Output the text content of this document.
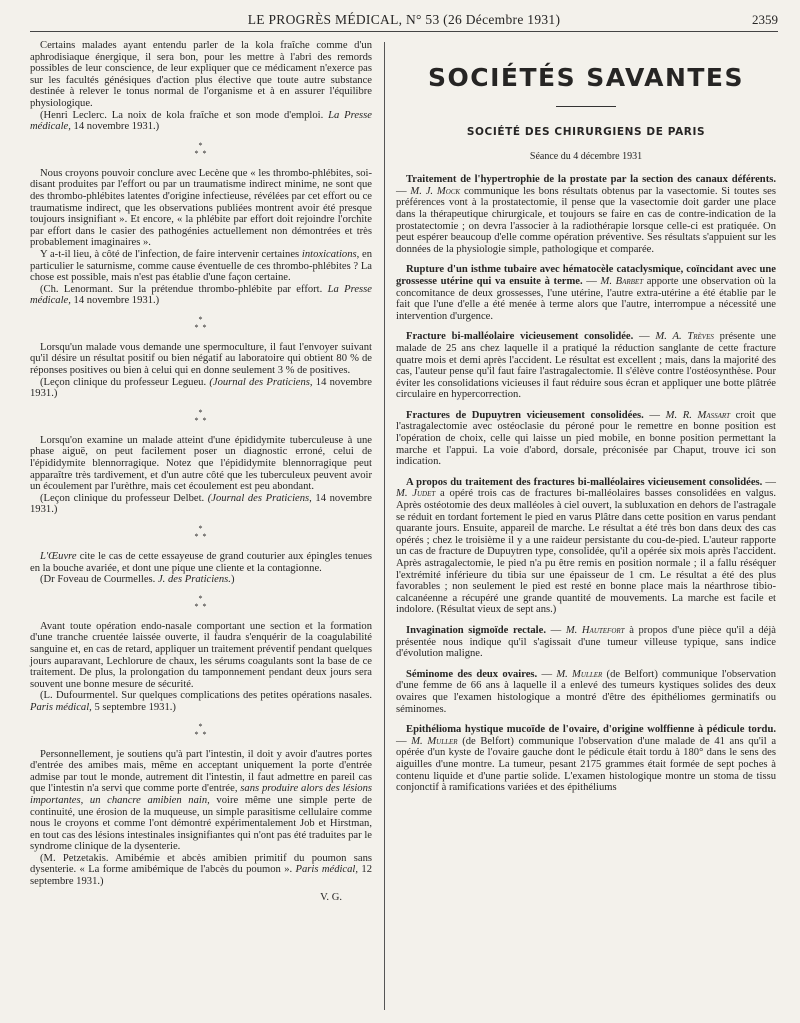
LE PROGRÈS MÉDICAL, N° 53 (26 Décembre 1931)	2359

Certains malades ayant entendu parler de la kola fraîche comme d'un aphrodisiaque énergique, il sera bon, pour les mettre à l'abri des remords possibles de leur conscience, de leur expliquer que ce médicament n'exerce pas sur les facultés génésiques d'action plus élective que toute autre substance destinée à relever le tonus normal de l'organisme et à en assurer l'équilibre physiologique.

(Henri Leclerc. La noix de kola fraîche et son mode d'emploi. La Presse médicale, 14 novembre 1931.)

*
* *

Nous croyons pouvoir conclure avec Lecène que « les thrombo-phlébites, soi-disant produites par l'effort ou par un traumatisme indirect minime, ne sont que des thrombo-phlébites latentes d'origine infectieuse, révélées par cet effort ou ce traumatisme indirect, que les observations publiées montrent avoir été presque toujours insignifiant ». Et encore, « la phlébite par effort doit rejoindre l'orchite par effort dans le casier des pathogénies actuellement non démontrées et très probablement imaginaires ».

Y a-t-il lieu, à côté de l'infection, de faire intervenir certaines intoxications, en particulier le saturnisme, comme cause éventuelle de ces thrombo-phlébites ? La chose est possible, mais n'est pas établie d'une façon certaine.

(Ch. Lenormant. Sur la prétendue thrombo-phlébite par effort. La Presse médicale, 14 novembre 1931.)

*
* *

Lorsqu'un malade vous demande une spermoculture, il faut l'envoyer suivant qu'il désire un résultat positif ou bien négatif au laboratoire qui obtient 80 % de réponses positives ou bien à celui qui en donne seulement 3 % de positives.

(Leçon clinique du professeur Legueu. (Journal des Praticiens, 14 novembre 1931.)

*
* *

Lorsqu'on examine un malade atteint d'une épididymite tuberculeuse à une phase aiguë, on peut facilement poser un diagnostic erroné, celui de l'épididymite blennorragique. Notez que l'épididymite blennorragique peut apparaître très tardivement, et d'un autre côté que les tuberculeux peuvent avoir un écoulement par l'urèthre, mais cet écoulement est peu abondant.

(Leçon clinique du professeur Delbet. (Journal des Praticiens, 14 novembre 1931.)

*
* *

L'Œuvre cite le cas de cette essayeuse de grand couturier aux épingles tenues en la bouche avariée, et dont une pique une cliente et la contagionne.

(Dr Foveau de Courmelles. J. des Praticiens.)

*
* *

Avant toute opération endo-nasale comportant une section et la formation d'une tranche cruentée laissée ouverte, il faudra s'enquérir de la coagulabilité sanguine et, en cas de retard, appliquer un traitement préventif pendant quelques jours auparavant, Lechlorure de chaux, les sérums coagulants sont la base de ce traitement. De plus, la prolongation du tamponnement pendant deux jours sera souvent une bonne mesure de sécurité.

(L. Dufourmentel. Sur quelques complications des petites opérations nasales. Paris médical, 5 septembre 1931.)

*
* *

Personnellement, je soutiens qu'à part l'intestin, il doit y avoir d'autres portes d'entrée des amibes mais, même en acceptant uniquement la porte d'entrée admise par tout le monde, autrement dit l'intestin, il faut admettre en pareil cas que l'intestin n'a servi que comme porte d'entrée, sans produire alors des lésions importantes, un chancre amibien nain, voire même une simple perte de continuité, une érosion de la muqueuse, un simple parasitisme cellulaire comme nous le croyons et comme l'ont démontré expérimentalement Job et Hirstman, en tout cas des lésions intestinales insignifiantes qui n'ont pas été traduites par le syndrome clinique de la dysenterie.

(M. Petzetakis. Amibémie et abcès amibien primitif du poumon sans dysenterie. « La forme amibémique de l'abcès du poumon ». Paris médical, 12 septembre 1931.)

V. G.
SOCIÉTÉS SAVANTES
SOCIÉTÉ DES CHIRURGIENS DE PARIS
Séance du 4 décembre 1931

Traitement de l'hypertrophie de la prostate par la section des canaux déférents. — M. J. Mock communique les bons résultats obtenus par la vasectomie. Si toutes ses préférences vont à la prostatectomie, il pense que la vasectomie doit garder une place dans la thérapeutique chirurgicale, et toujours se faire en cas de contre-indication de la prostatectomie ; on devra l'associer à la radiothérapie lorsque celle-ci est pratiquée. On peut espérer beaucoup d'elle comme opération préventive. Ses résultats s'appuient sur les données de la physiologie simple, pathologique et comparée.

Rupture d'un isthme tubaire avec hématocèle cataclysmique, coïncidant avec une grossesse utérine qui va ensuite à terme. — M. Barbet apporte une observation où la concomitance de deux grossesses, l'une utérine, l'autre extra-utérine a été établie par le fait que l'une d'elle a été menée à terme alors que l'autre, interrompue a nécessité une intervention d'urgence.

Fracture bi-malléolaire vicieusement consolidée. — M. A. Trèves présente une malade de 25 ans chez laquelle il a pratiqué la réduction sanglante de cette fracture quatre mois et demi après l'accident. Le résultat est excellent ; mais, dans la majorité des cas, l'auteur pense qu'il faut faire l'astragalectomie. Il s'élève contre l'ostéosynthèse. Pour éviter les consolidations vicieuses il faut réduire sous écran et appliquer une botte plâtrée circulaire en hypercorrection.

Fractures de Dupuytren vicieusement consolidées. — M. R. Massart croit que l'astragalectomie avec ostéoclasie du péroné pour le remettre en bonne position est l'opération de choix, celle qui laisse un pied mobile, en bonne position permettant la marche et l'appui. La voie d'abord, dorsale, préconisée par Chaput, trouve ici son indication.

A propos du traitement des fractures bi-malléolaires vicieusement consolidées. — M. Judet a opéré trois cas de fractures bi-malléolaires basses consolidées en valgus. Après ostéotomie des deux malléoles à ciel ouvert, la subluxation en dehors de l'astragale se réduit en tordant fortement le pied en varus Plâtre dans cette position en varus pendant quarante jours. Ensuite, appareil de marche. Le résultat a été très bon dans deux des cas opérés ; chez le troisième il y a une raideur persistante du cou-de-pied. L'auteur rapporte un cas de fracture de Dupuytren type, consolidée, qu'il a opérée six mois après l'accident. Après astragalectomie, le pied n'a pu être remis en position normale ; il a fallu réséquer l'extrémité inférieure du tibia sur une épaisseur de 1 cm. Le résultat a été des plus favorables ; non seulement le pied est resté en bonne place mais la néarthrose tibio-calcanéenne a récupéré une grande quantité de mouvements. La marche est facile et indolore. (Résultat vieux de sept ans.)

Invagination sigmoïde rectale. — M. Hautefort à propos d'une pièce qu'il a déjà présentée nous indique qu'il s'agissait d'une tumeur villeuse typique, sans indice d'évolution maligne.

Séminome des deux ovaires. — M. Muller (de Belfort) communique l'observation d'une femme de 66 ans à laquelle il a enlevé des tumeurs kystiques solides des deux ovaires que l'examen histologique a montré d'être des épithéliomes germinatifs ou séminomes.

Epithélioma hystique mucoïde de l'ovaire, d'origine wolffienne à pédicule tordu. — M. Muller (de Belfort) communique l'observation d'une malade de 41 ans qu'il a opérée d'un kyste de l'ovaire gauche dont le pédicule était tordu à 180° dans le sens des aiguilles d'une montre. La tumeur, pesant 2175 grammes était formée de sept poches à contenu liquide et d'une partie solide. L'examen histologique montre un stoma de tissu conjonctif à ramifications variées et des épithéliums
